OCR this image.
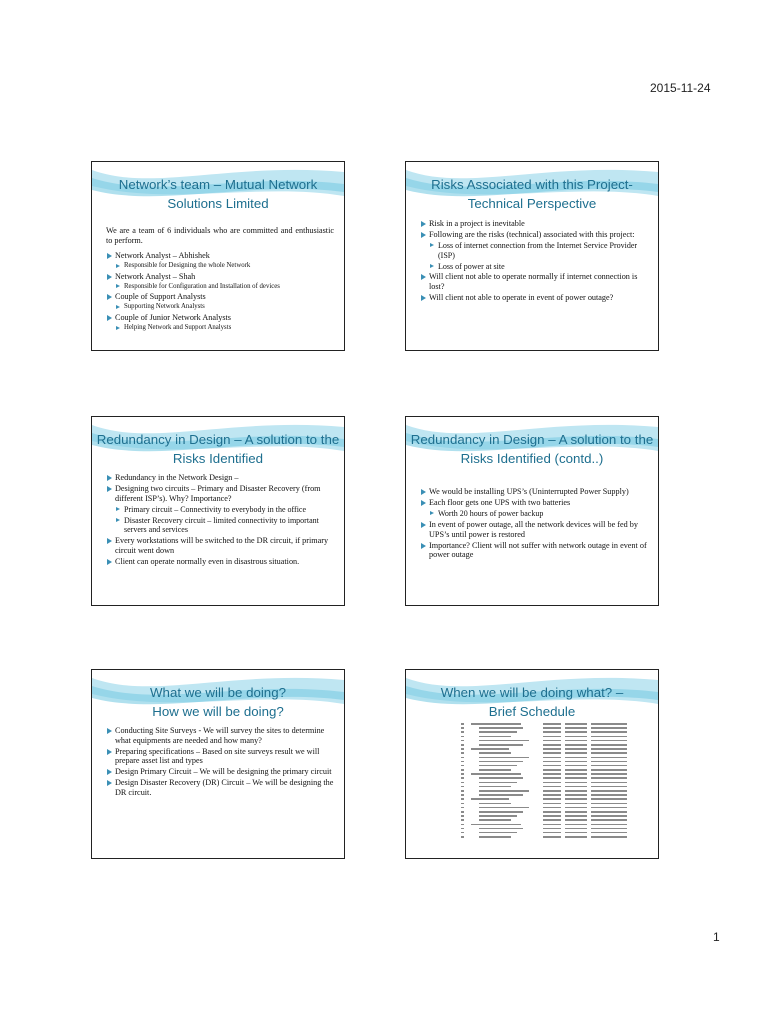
2015-11-24
Network’s team – Mutual Network Solutions Limited
We are a team of 6 individuals who are committed and enthusiastic to perform.
Network Analyst – Abhishek
Responsible for Designing the whole Network
Network Analyst – Shah
Responsible for Configuration and Installation of devices
Couple of Support Analysts
Supporting Network Analysts
Couple of Junior Network Analysts
Helping Network and Support Analysts
Risks Associated with this Project-Technical Perspective
Risk in a project is inevitable
Following are the risks (technical) associated with this project:
Loss of internet connection from the Internet Service Provider (ISP)
Loss of power at site
Will client not able to operate normally if internet connection is lost?
Will client not able to operate in event of power outage?
Redundancy in Design – A solution to the Risks Identified
Redundancy in the Network Design –
Designing two circuits – Primary and Disaster Recovery (from different ISP’s). Why? Importance?
Primary circuit – Connectivity to everybody in the office
Disaster Recovery circuit – limited connectivity to important servers and services
Every workstations will be switched to the DR circuit, if primary circuit went down
Client can operate normally even in disastrous situation.
Redundancy in Design – A solution to the Risks Identified (contd..)
We would be installing UPS’s (Uninterrupted Power Supply)
Each floor gets one UPS with two batteries
Worth 20 hours of power backup
In event of power outage, all the network devices will be fed by UPS’s until power is restored
Importance? Client will not suffer with network outage in event of power outage
What we will be doing? How we will be doing?
Conducting Site Surveys - We will survey the sites to determine what equipments are needed and how many?
Preparing specifications – Based on site surveys result we will prepare asset list and types
Design Primary Circuit – We will be designing the primary circuit
Design Disaster Recovery (DR) Circuit – We will be designing the DR circuit.
When we will be doing what? – Brief Schedule
1
